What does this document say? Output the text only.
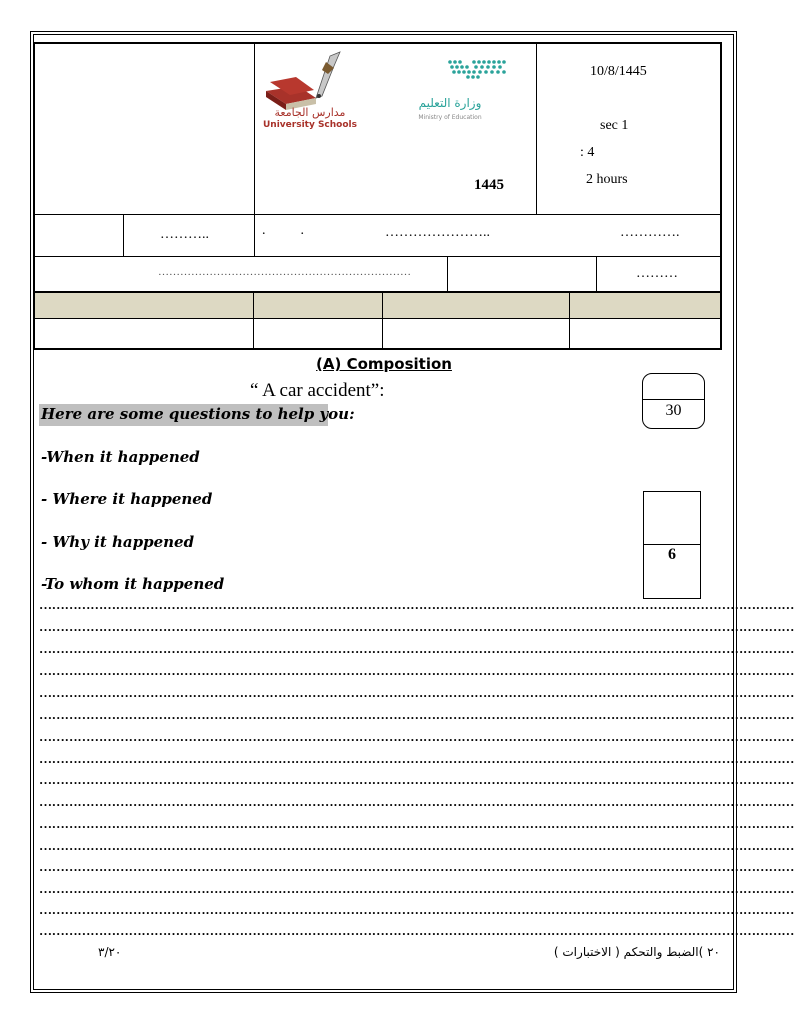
مدارس الجامعة
University Schools
وزارة التعليم
Ministry of Education
1445
10/8/1445
sec 1
: 4
2 hours
………..	.          .	…………………..	………….
……………………………………………………………	………
(A) Composition
“ A car accident”:
30
Here are some questions to help you:
-When it happened
- Where it happened
- Why it happened
-To whom it happened
6
……………………………………………………………………………………………………………………………………………………………
……………………………………………………………………………………………………………………………………………………………
……………………………………………………………………………………………………………………………………………………………
……………………………………………………………………………………………………………………………………………………………
……………………………………………………………………………………………………………………………………………………………
……………………………………………………………………………………………………………………………………………………………
……………………………………………………………………………………………………………………………………………………………
……………………………………………………………………………………………………………………………………………………………
……………………………………………………………………………………………………………………………………………………………
……………………………………………………………………………………………………………………………………………………………
……………………………………………………………………………………………………………………………………………………………
……………………………………………………………………………………………………………………………………………………………
……………………………………………………………………………………………………………………………………………………………
……………………………………………………………………………………………………………………………………………………………
……………………………………………………………………………………………………………………………………………………………
……………………………………………………………………………………………………………………………………………………………
٣/٢٠	٢٠ )الضبط والتحكم ( الاختبارات )
